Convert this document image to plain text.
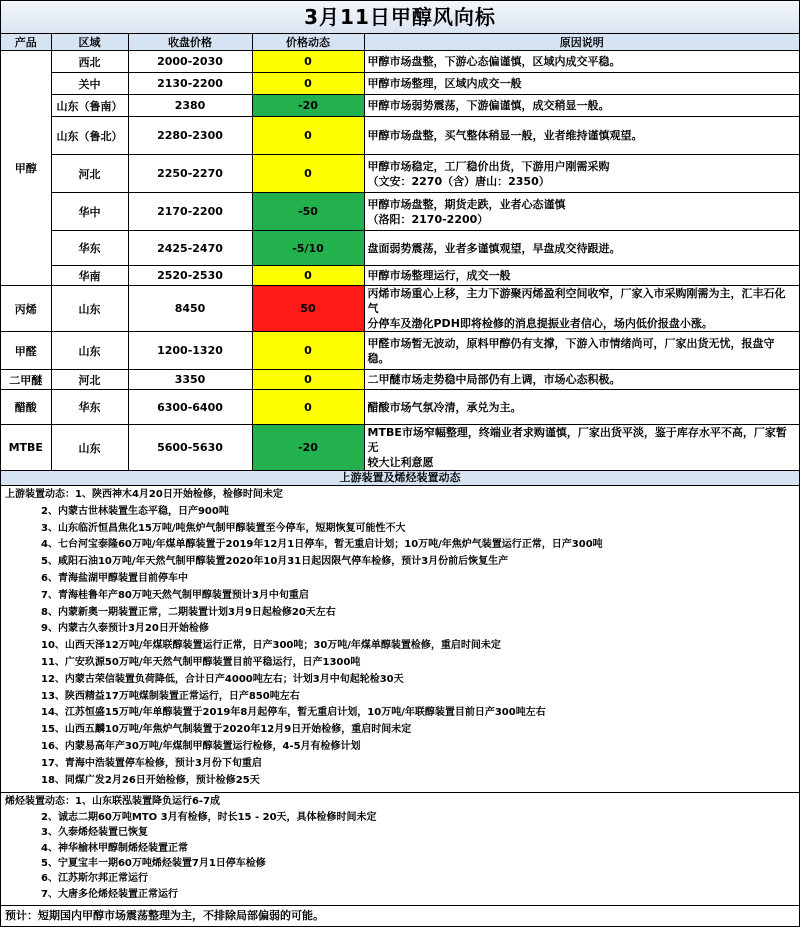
3月11日甲醇风向标
产品	区域	收盘价格	价格动态	原因说明
甲醇	西北	2000-2030	0	甲醇市场盘整，下游心态偏谨慎，区域内成交平稳。

	关中	2130-2200	0	甲醇市场整理，区域内成交一般

	山东（鲁南）	2380	-20	甲醇市场弱势震荡，下游偏谨慎，成交稍显一般。

	山东（鲁北）	2280-2300	0	甲醇市场盘整，买气整体稍显一般，业者维持谨慎观望。

	河北	2250-2270	0	甲醇市场稳定，工厂稳价出货，下游用户刚需采购
（文安：2270（含）唐山：2350）

	华中	2170-2200	-50	甲醇市场盘整，期货走跌，业者心态谨慎
（洛阳：2170-2200）

	华东	2425-2470	-5/10	盘面弱势震荡，业者多谨慎观望，早盘成交待跟进。

	华南	2520-2530	0	甲醇市场整理运行，成交一般

丙烯	山东	8450	50	丙烯市场重心上移，主力下游聚丙烯盈利空间收窄，厂家入市采购刚需为主，汇丰石化气
分停车及渤化PDH即将检修的消息提振业者信心，场内低价报盘小涨。

甲醛	山东	1200-1320	0	甲醛市场暂无波动，原料甲醇仍有支撑，下游入市情绪尚可，厂家出货无忧，报盘守稳。

二甲醚	河北	3350	0	二甲醚市场走势稳中局部仍有上调，市场心态积极。

醋酸	华东	6300-6400	0	醋酸市场气氛冷清，承兑为主。

MTBE	山东	5600-5630	-20	MTBE市场窄幅整理，终端业者求购谨慎，厂家出货平淡，鉴于库存水平不高，厂家暂无
较大让利意愿
上游装置及烯烃装置动态
上游装置动态：1、陕西神木4月20日开始检修，检修时间未定
2、内蒙古世林装置生态平稳，日产900吨
3、山东临沂恒昌焦化15万吨/吨焦炉气制甲醇装置至今停车，短期恢复可能性不大
4、七台河宝泰隆60万吨/年煤单醇装置于2019年12月1日停车，暂无重启计划；10万吨/年焦炉气装置运行正常，日产300吨
5、咸阳石油10万吨/年天然气制甲醇装置2020年10月31日起因限气停车检修，预计3月份前后恢复生产
6、青海盐湖甲醇装置目前停车中
7、青海桂鲁年产80万吨天然气制甲醇装置预计3月中旬重启
8、内蒙新奥一期装置正常，二期装置计划3月9日起检修20天左右
9、内蒙古久泰预计3月20日开始检修
10、山西天泽12万吨/年煤联醇装置运行正常，日产300吨；30万吨/年煤单醇装置检修，重启时间未定
11、广安玖源50万吨/年天然气制甲醇装置目前平稳运行，日产1300吨
12、内蒙古荣信装置负荷降低，合计日产4000吨左右；计划3月中旬起轮检30天
13、陕西精益17万吨煤制装置正常运行，日产850吨左右
14、江苏恒盛15万吨/年单醇装置于2019年8月起停车，暂无重启计划，10万吨/年联醇装置目前日产300吨左右
15、山西五麟10万吨/年焦炉气制装置于2020年12月9日开始检修，重启时间未定
16、内蒙易高年产30万吨/年煤制甲醇装置运行检修，4-5月有检修计划
17、青海中浩装置停车检修，预计3月份下旬重启
18、同煤广发2月26日开始检修，预计检修25天
烯烃装置动态：1、山东联泓装置降负运行6-7成
2、诚志二期60万吨MTO 3月有检修，时长15 - 20天，具体检修时间未定
3、久泰烯烃装置已恢复
4、神华榆林甲醇制烯烃装置正常
5、宁夏宝丰一期60万吨烯烃装置7月1日停车检修
6、江苏斯尔邦正常运行
7、大唐多伦烯烃装置正常运行
预计：短期国内甲醇市场震荡整理为主，不排除局部偏弱的可能。
